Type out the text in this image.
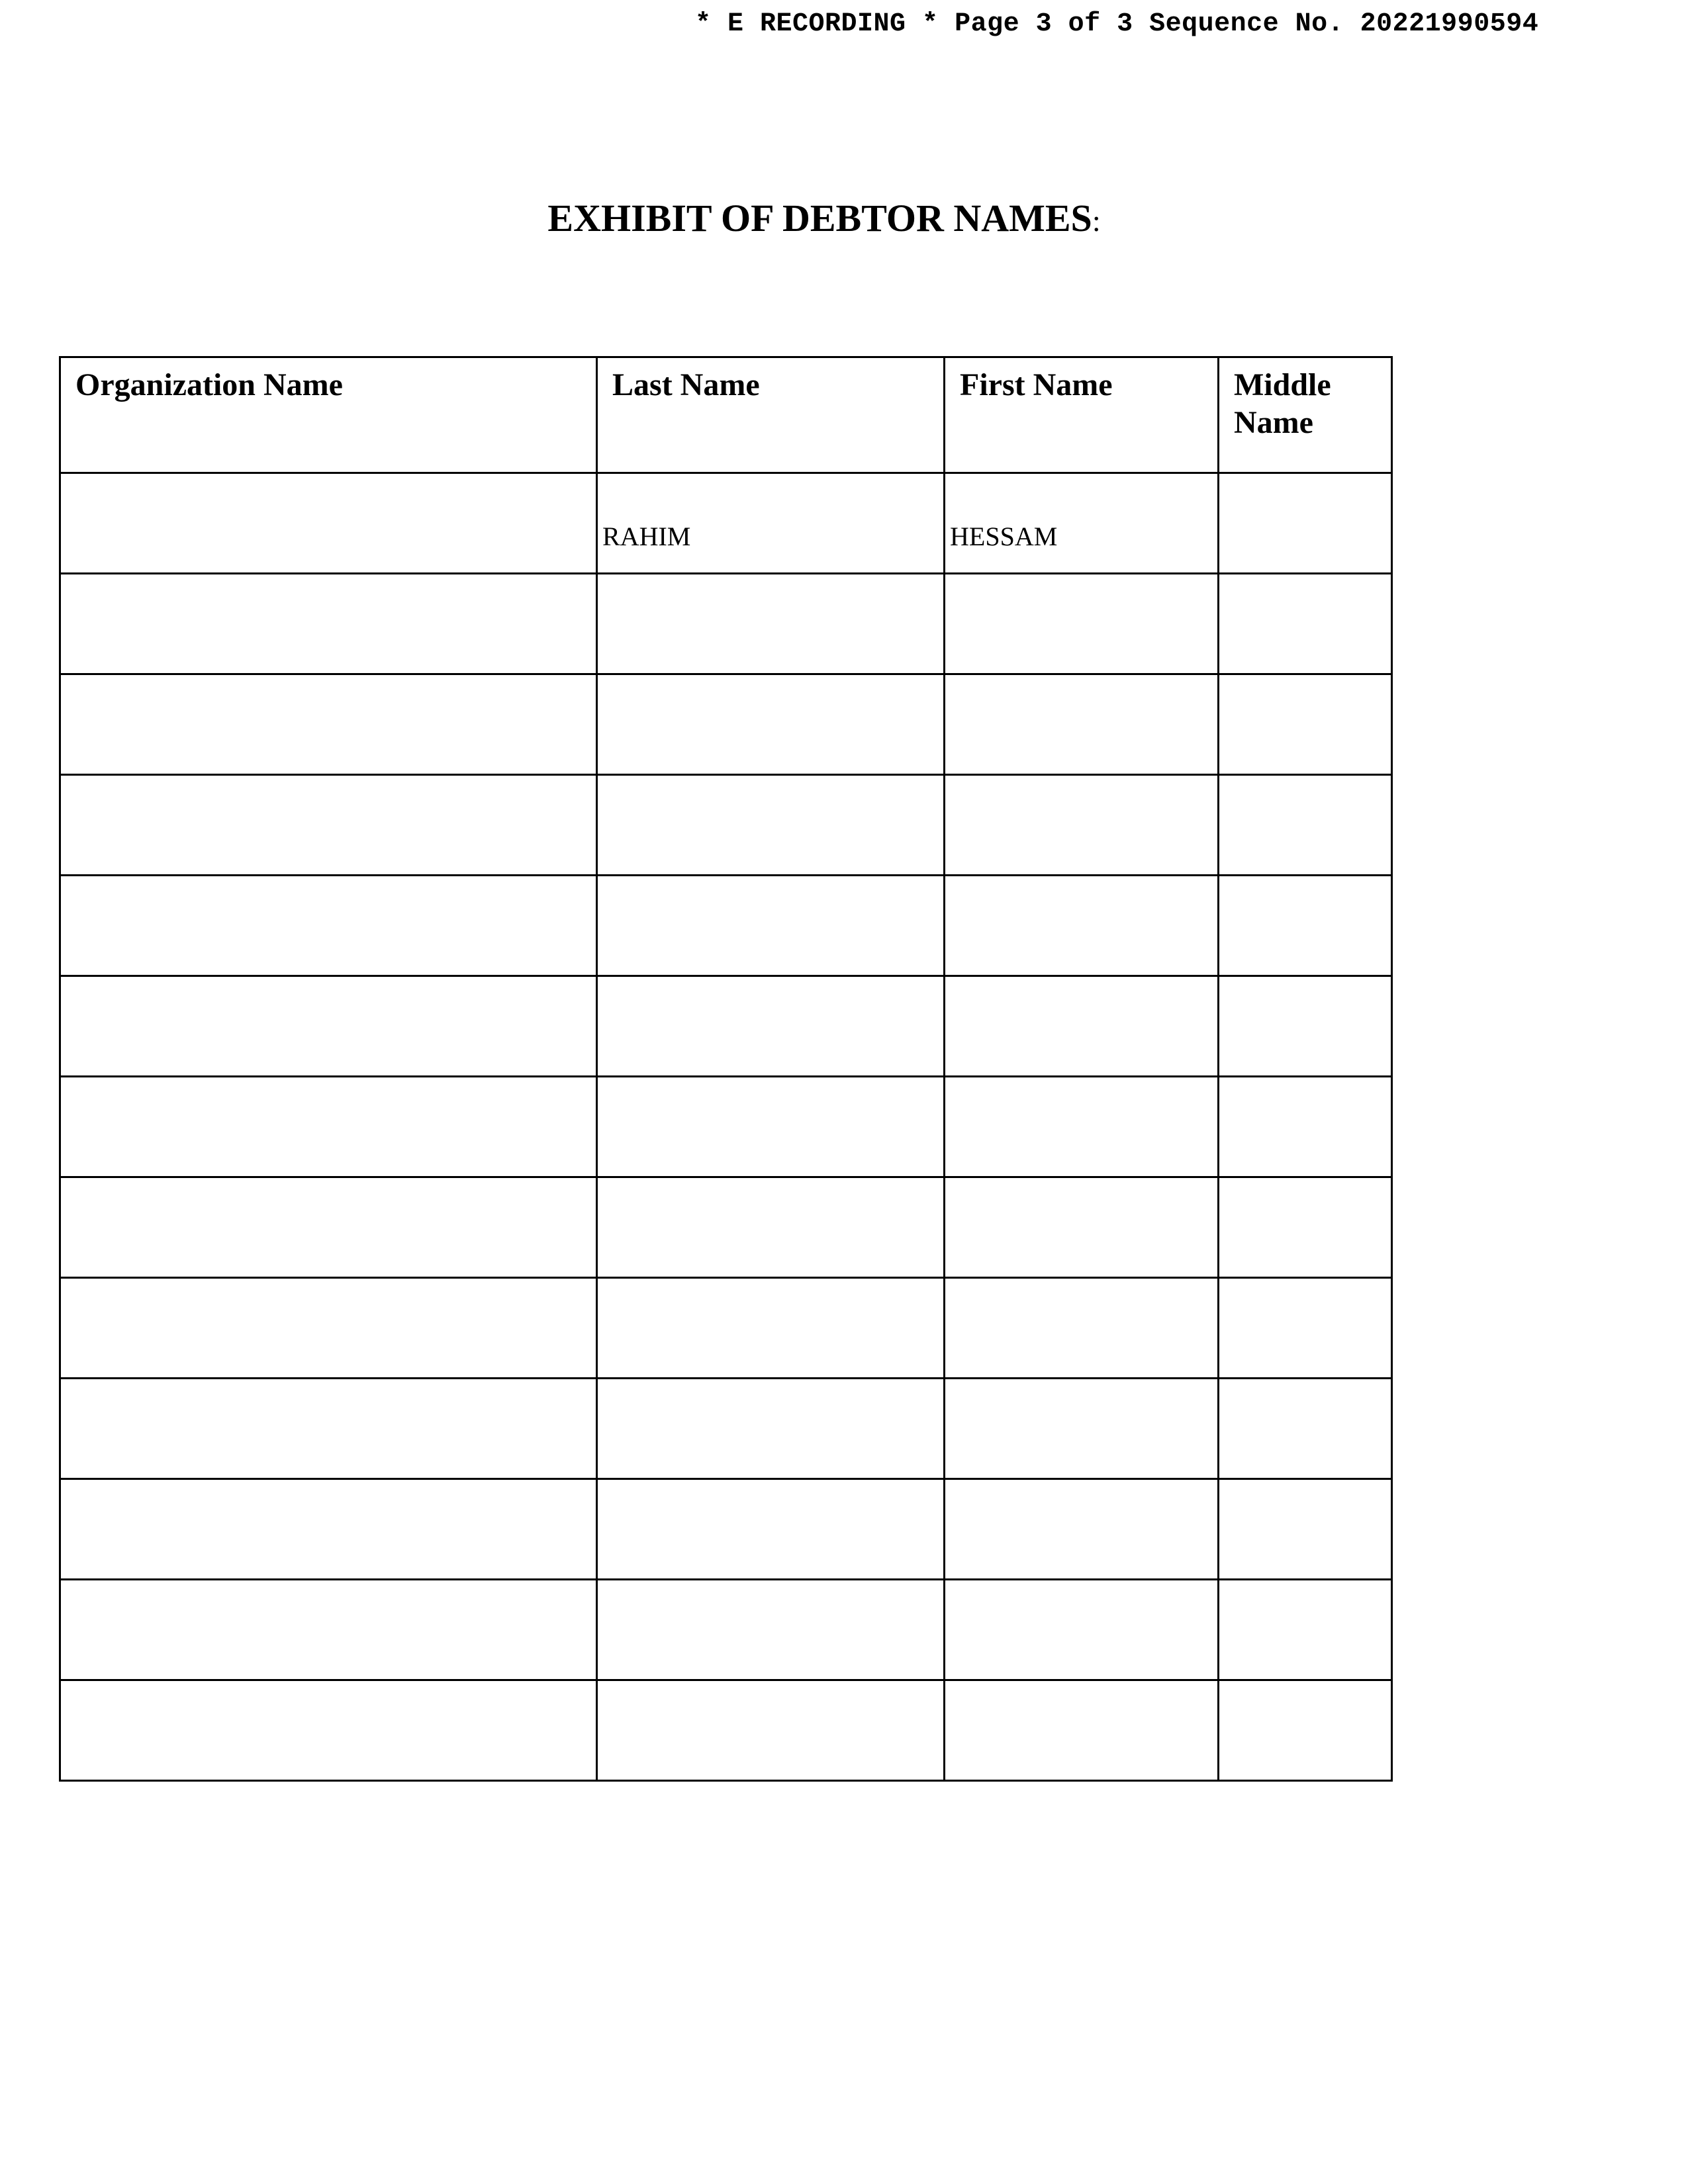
* E RECORDING * Page 3 of 3 Sequence No. 20221990594
EXHIBIT OF DEBTOR NAMES:
Organization Name	Last Name	First Name	Middle
Name

	RAHIM	HESSAM	
